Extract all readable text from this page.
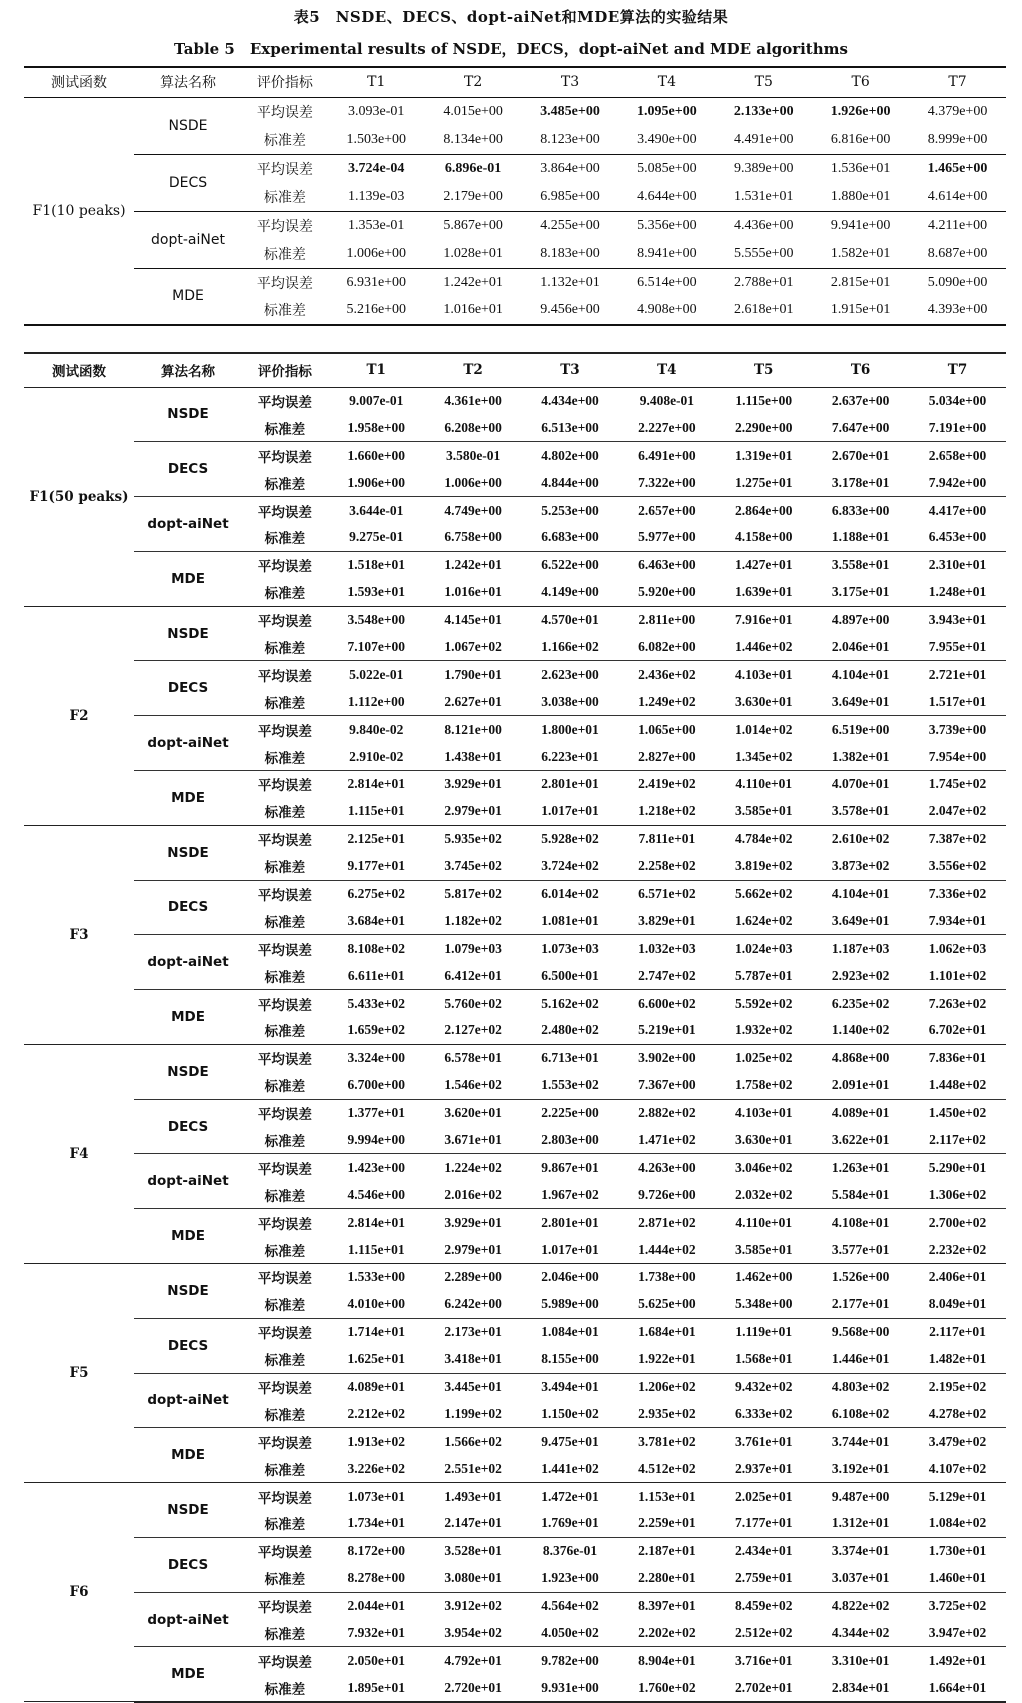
表5　NSDE、DECS、dopt-aiNet和MDE算法的实验结果
Table 5　Experimental results of NSDE，DECS，dopt-aiNet and MDE algorithms
测试函数	算法名称	评价指标	T1	T2	T3	T4	T5	T6	T7
F1(10 peaks)	NSDE	平均误差	3.093e-01	4.015e+00	3.485e+00	1.095e+00	2.133e+00	1.926e+00	4.379e+00
		标准差	1.503e+00	8.134e+00	8.123e+00	3.490e+00	4.491e+00	6.816e+00	8.999e+00
	DECS	平均误差	3.724e-04	6.896e-01	3.864e+00	5.085e+00	9.389e+00	1.536e+01	1.465e+00
		标准差	1.139e-03	2.179e+00	6.985e+00	4.644e+00	1.531e+01	1.880e+01	4.614e+00
	dopt-aiNet	平均误差	1.353e-01	5.867e+00	4.255e+00	5.356e+00	4.436e+00	9.941e+00	4.211e+00
		标准差	1.006e+00	1.028e+01	8.183e+00	8.941e+00	5.555e+00	1.582e+01	8.687e+00
	MDE	平均误差	6.931e+00	1.242e+01	1.132e+01	6.514e+00	2.788e+01	2.815e+01	5.090e+00
		标准差	5.216e+00	1.016e+01	9.456e+00	4.908e+00	2.618e+01	1.915e+01	4.393e+00
测试函数	算法名称	评价指标	T1	T2	T3	T4	T5	T6	T7
F1(50 peaks)	NSDE	平均误差	9.007e-01	4.361e+00	4.434e+00	9.408e-01	1.115e+00	2.637e+00	5.034e+00
		标准差	1.958e+00	6.208e+00	6.513e+00	2.227e+00	2.290e+00	7.647e+00	7.191e+00
	DECS	平均误差	1.660e+00	3.580e-01	4.802e+00	6.491e+00	1.319e+01	2.670e+01	2.658e+00
		标准差	1.906e+00	1.006e+00	4.844e+00	7.322e+00	1.275e+01	3.178e+01	7.942e+00
	dopt-aiNet	平均误差	3.644e-01	4.749e+00	5.253e+00	2.657e+00	2.864e+00	6.833e+00	4.417e+00
		标准差	9.275e-01	6.758e+00	6.683e+00	5.977e+00	4.158e+00	1.188e+01	6.453e+00
	MDE	平均误差	1.518e+01	1.242e+01	6.522e+00	6.463e+00	1.427e+01	3.558e+01	2.310e+01
		标准差	1.593e+01	1.016e+01	4.149e+00	5.920e+00	1.639e+01	3.175e+01	1.248e+01
F2	NSDE	平均误差	3.548e+00	4.145e+01	4.570e+01	2.811e+00	7.916e+01	4.897e+00	3.943e+01
		标准差	7.107e+00	1.067e+02	1.166e+02	6.082e+00	1.446e+02	2.046e+01	7.955e+01
	DECS	平均误差	5.022e-01	1.790e+01	2.623e+00	2.436e+02	4.103e+01	4.104e+01	2.721e+01
		标准差	1.112e+00	2.627e+01	3.038e+00	1.249e+02	3.630e+01	3.649e+01	1.517e+01
	dopt-aiNet	平均误差	9.840e-02	8.121e+00	1.800e+01	1.065e+00	1.014e+02	6.519e+00	3.739e+00
		标准差	2.910e-02	1.438e+01	6.223e+01	2.827e+00	1.345e+02	1.382e+01	7.954e+00
	MDE	平均误差	2.814e+01	3.929e+01	2.801e+01	2.419e+02	4.110e+01	4.070e+01	1.745e+02
		标准差	1.115e+01	2.979e+01	1.017e+01	1.218e+02	3.585e+01	3.578e+01	2.047e+02
F3	NSDE	平均误差	2.125e+01	5.935e+02	5.928e+02	7.811e+01	4.784e+02	2.610e+02	7.387e+02
		标准差	9.177e+01	3.745e+02	3.724e+02	2.258e+02	3.819e+02	3.873e+02	3.556e+02
	DECS	平均误差	6.275e+02	5.817e+02	6.014e+02	6.571e+02	5.662e+02	4.104e+01	7.336e+02
		标准差	3.684e+01	1.182e+02	1.081e+01	3.829e+01	1.624e+02	3.649e+01	7.934e+01
	dopt-aiNet	平均误差	8.108e+02	1.079e+03	1.073e+03	1.032e+03	1.024e+03	1.187e+03	1.062e+03
		标准差	6.611e+01	6.412e+01	6.500e+01	2.747e+02	5.787e+01	2.923e+02	1.101e+02
	MDE	平均误差	5.433e+02	5.760e+02	5.162e+02	6.600e+02	5.592e+02	6.235e+02	7.263e+02
		标准差	1.659e+02	2.127e+02	2.480e+02	5.219e+01	1.932e+02	1.140e+02	6.702e+01
F4	NSDE	平均误差	3.324e+00	6.578e+01	6.713e+01	3.902e+00	1.025e+02	4.868e+00	7.836e+01
		标准差	6.700e+00	1.546e+02	1.553e+02	7.367e+00	1.758e+02	2.091e+01	1.448e+02
	DECS	平均误差	1.377e+01	3.620e+01	2.225e+00	2.882e+02	4.103e+01	4.089e+01	1.450e+02
		标准差	9.994e+00	3.671e+01	2.803e+00	1.471e+02	3.630e+01	3.622e+01	2.117e+02
	dopt-aiNet	平均误差	1.423e+00	1.224e+02	9.867e+01	4.263e+00	3.046e+02	1.263e+01	5.290e+01
		标准差	4.546e+00	2.016e+02	1.967e+02	9.726e+00	2.032e+02	5.584e+01	1.306e+02
	MDE	平均误差	2.814e+01	3.929e+01	2.801e+01	2.871e+02	4.110e+01	4.108e+01	2.700e+02
		标准差	1.115e+01	2.979e+01	1.017e+01	1.444e+02	3.585e+01	3.577e+01	2.232e+02
F5	NSDE	平均误差	1.533e+00	2.289e+00	2.046e+00	1.738e+00	1.462e+00	1.526e+00	2.406e+01
		标准差	4.010e+00	6.242e+00	5.989e+00	5.625e+00	5.348e+00	2.177e+01	8.049e+01
	DECS	平均误差	1.714e+01	2.173e+01	1.084e+01	1.684e+01	1.119e+01	9.568e+00	2.117e+01
		标准差	1.625e+01	3.418e+01	8.155e+00	1.922e+01	1.568e+01	1.446e+01	1.482e+01
	dopt-aiNet	平均误差	4.089e+01	3.445e+01	3.494e+01	1.206e+02	9.432e+02	4.803e+02	2.195e+02
		标准差	2.212e+02	1.199e+02	1.150e+02	2.935e+02	6.333e+02	6.108e+02	4.278e+02
	MDE	平均误差	1.913e+02	1.566e+02	9.475e+01	3.781e+02	3.761e+01	3.744e+01	3.479e+02
		标准差	3.226e+02	2.551e+02	1.441e+02	4.512e+02	2.937e+01	3.192e+01	4.107e+02
F6	NSDE	平均误差	1.073e+01	1.493e+01	1.472e+01	1.153e+01	2.025e+01	9.487e+00	5.129e+01
		标准差	1.734e+01	2.147e+01	1.769e+01	2.259e+01	7.177e+01	1.312e+01	1.084e+02
	DECS	平均误差	8.172e+00	3.528e+01	8.376e-01	2.187e+01	2.434e+01	3.374e+01	1.730e+01
		标准差	8.278e+00	3.080e+01	1.923e+00	2.280e+01	2.759e+01	3.037e+01	1.460e+01
	dopt-aiNet	平均误差	2.044e+01	3.912e+02	4.564e+02	8.397e+01	8.459e+02	4.822e+02	3.725e+02
		标准差	7.932e+01	3.954e+02	4.050e+02	2.202e+02	2.512e+02	4.344e+02	3.947e+02
	MDE	平均误差	2.050e+01	4.792e+01	9.782e+00	8.904e+01	3.716e+01	3.310e+01	1.492e+01
		标准差	1.895e+01	2.720e+01	9.931e+00	1.760e+02	2.702e+01	2.834e+01	1.664e+01
